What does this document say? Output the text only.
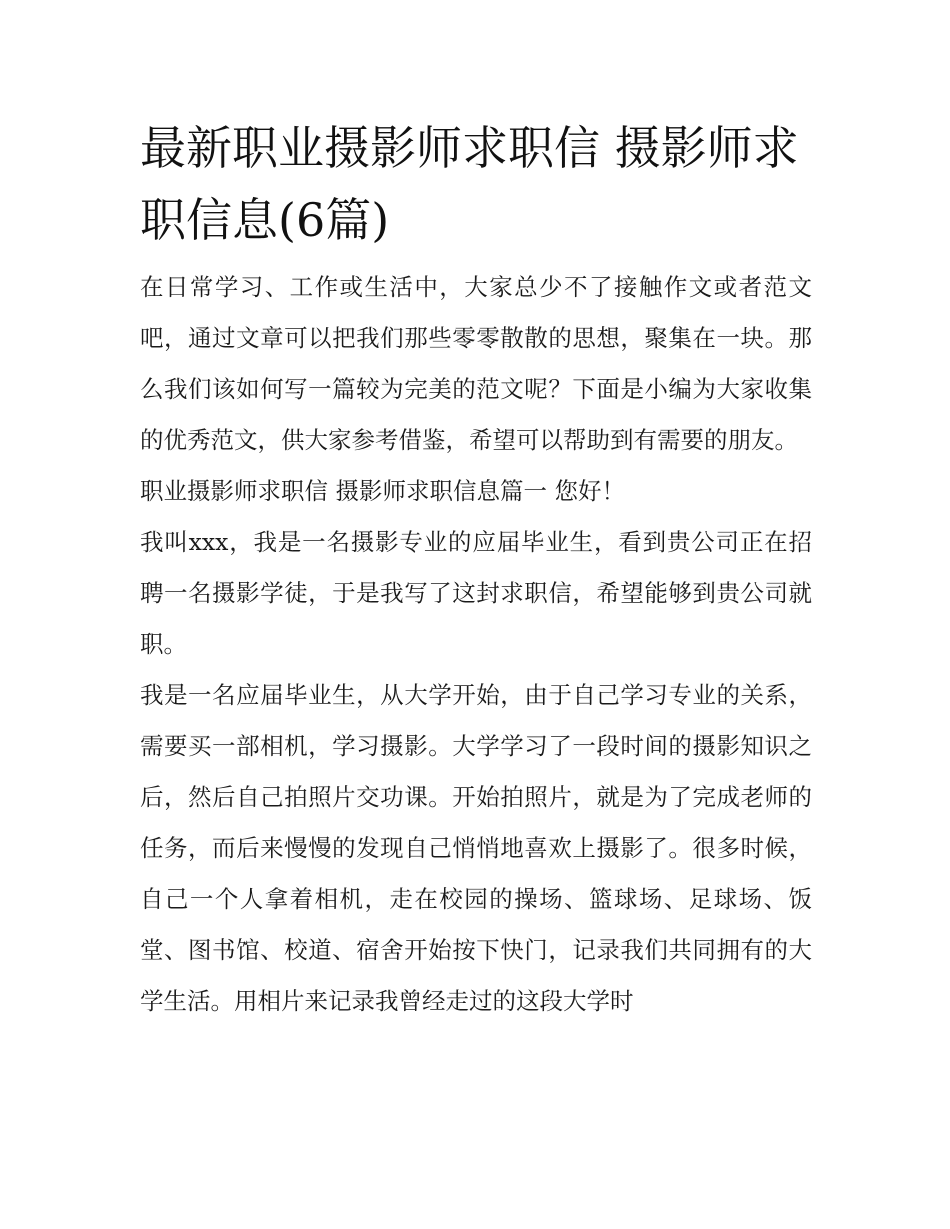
最新职业摄影师求职信 摄影师求职信息(6篇)

在日常学习、工作或生活中，大家总少不了接触作文或者范文吧，通过文章可以把我们那些零零散散的思想，聚集在一块。那么我们该如何写一篇较为完美的范文呢？下面是小编为大家收集的优秀范文，供大家参考借鉴，希望可以帮助到有需要的朋友。

职业摄影师求职信 摄影师求职信息篇一 您好！

我叫xxx，我是一名摄影专业的应届毕业生，看到贵公司正在招聘一名摄影学徒，于是我写了这封求职信，希望能够到贵公司就职。

我是一名应届毕业生，从大学开始，由于自己学习专业的关系，需要买一部相机，学习摄影。大学学习了一段时间的摄影知识之后，然后自己拍照片交功课。开始拍照片，就是为了完成老师的任务，而后来慢慢的发现自己悄悄地喜欢上摄影了。很多时候，自己一个人拿着相机，走在校园的操场、篮球场、足球场、饭堂、图书馆、校道、宿舍开始按下快门，记录我们共同拥有的大学生活。用相片来记录我曾经走过的这段大学时
